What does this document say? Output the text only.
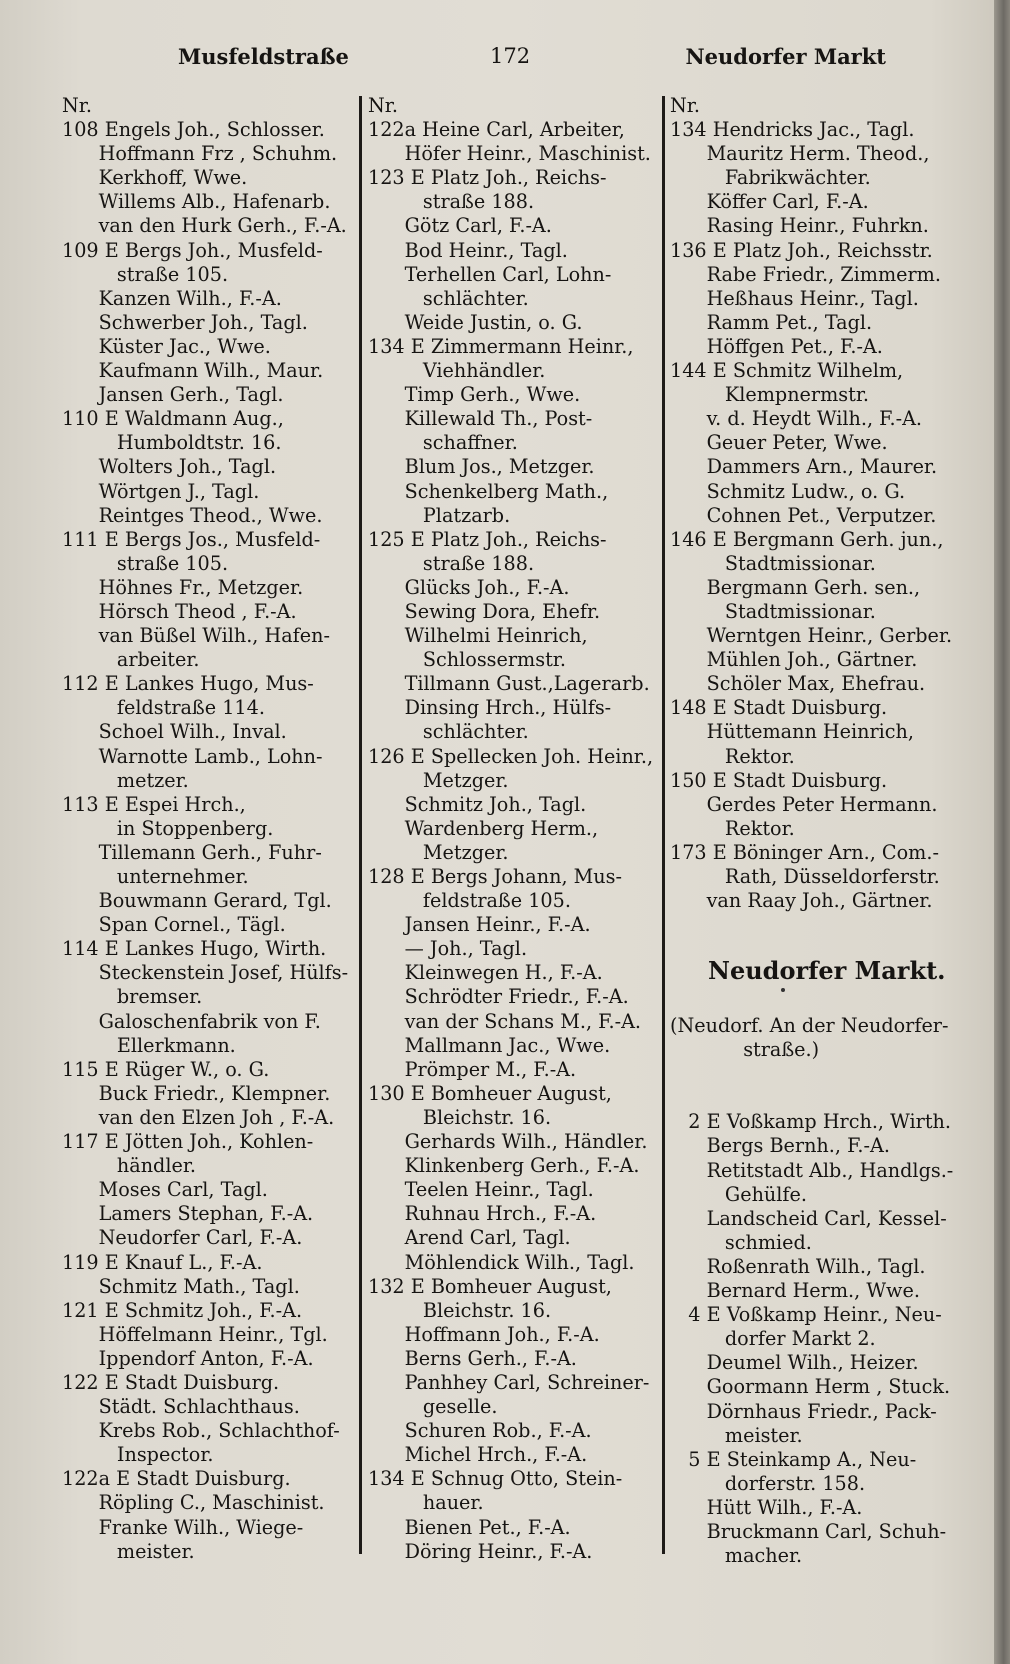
Musfeldstraße	172	Neudorfer Markt
Nr.
108 Engels Joh., Schlosser.
Hoffmann Frz , Schuhm.
Kerkhoff, Wwe.
Willems Alb., Hafenarb.
van den Hurk Gerh., F.-A.
109 E Bergs Joh., Musfeld-
straße 105.
Kanzen Wilh., F.-A.
Schwerber Joh., Tagl.
Küster Jac., Wwe.
Kaufmann Wilh., Maur.
Jansen Gerh., Tagl.
110 E Waldmann Aug.,
Humboldtstr. 16.
Wolters Joh., Tagl.
Wörtgen J., Tagl.
Reintges Theod., Wwe.
111 E Bergs Jos., Musfeld-
straße 105.
Höhnes Fr., Metzger.
Hörsch Theod , F.-A.
van Büßel Wilh., Hafen-
arbeiter.
112 E Lankes Hugo, Mus-
feldstraße 114.
Schoel Wilh., Inval.
Warnotte Lamb., Lohn-
metzer.
113 E Espei Hrch.,
in Stoppenberg.
Tillemann Gerh., Fuhr-
unternehmer.
Bouwmann Gerard, Tgl.
Span Cornel., Tägl.
114 E Lankes Hugo, Wirth.
Steckenstein Josef, Hülfs-
bremser.
Galoschenfabrik von F.
Ellerkmann.
115 E Rüger W., o. G.
Buck Friedr., Klempner.
van den Elzen Joh , F.-A.
117 E Jötten Joh., Kohlen-
händler.
Moses Carl, Tagl.
Lamers Stephan, F.-A.
Neudorfer Carl, F.-A.
119 E Knauf L., F.-A.
Schmitz Math., Tagl.
121 E Schmitz Joh., F.-A.
Höffelmann Heinr., Tgl.
Ippendorf Anton, F.-A.
122 E Stadt Duisburg.
Städt. Schlachthaus.
Krebs Rob., Schlachthof-
Inspector.
122a E Stadt Duisburg.
Röpling C., Maschinist.
Franke Wilh., Wiege-
meister.
Nr.
122a Heine Carl, Arbeiter,
Höfer Heinr., Maschinist.
123 E Platz Joh., Reichs-
straße 188.
Götz Carl, F.-A.
Bod Heinr., Tagl.
Terhellen Carl, Lohn-
schlächter.
Weide Justin, o. G.
134 E Zimmermann Heinr.,
Viehhändler.
Timp Gerh., Wwe.
Killewald Th., Post-
schaffner.
Blum Jos., Metzger.
Schenkelberg Math.,
Platzarb.
125 E Platz Joh., Reichs-
straße 188.
Glücks Joh., F.-A.
Sewing Dora, Ehefr.
Wilhelmi Heinrich,
Schlossermstr.
Tillmann Gust.,Lagerarb.
Dinsing Hrch., Hülfs-
schlächter.
126 E Spellecken Joh. Heinr.,
Metzger.
Schmitz Joh., Tagl.
Wardenberg Herm.,
Metzger.
128 E Bergs Johann, Mus-
feldstraße 105.
Jansen Heinr., F.-A.
— Joh., Tagl.
Kleinwegen H., F.-A.
Schrödter Friedr., F.-A.
van der Schans M., F.-A.
Mallmann Jac., Wwe.
Prömper M., F.-A.
130 E Bomheuer August,
Bleichstr. 16.
Gerhards Wilh., Händler.
Klinkenberg Gerh., F.-A.
Teelen Heinr., Tagl.
Ruhnau Hrch., F.-A.
Arend Carl, Tagl.
Möhlendick Wilh., Tagl.
132 E Bomheuer August,
Bleichstr. 16.
Hoffmann Joh., F.-A.
Berns Gerh., F.-A.
Panhhey Carl, Schreiner-
geselle.
Schuren Rob., F.-A.
Michel Hrch., F.-A.
134 E Schnug Otto, Stein-
hauer.
Bienen Pet., F.-A.
Döring Heinr., F.-A.
Nr.
134 Hendricks Jac., Tagl.
Mauritz Herm. Theod.,
Fabrikwächter.
Köffer Carl, F.-A.
Rasing Heinr., Fuhrkn.
136 E Platz Joh., Reichsstr.
Rabe Friedr., Zimmerm.
Heßhaus Heinr., Tagl.
Ramm Pet., Tagl.
Höffgen Pet., F.-A.
144 E Schmitz Wilhelm,
Klempnermstr.
v. d. Heydt Wilh., F.-A.
Geuer Peter, Wwe.
Dammers Arn., Maurer.
Schmitz Ludw., o. G.
Cohnen Pet., Verputzer.
146 E Bergmann Gerh. jun.,
Stadtmissionar.
Bergmann Gerh. sen.,
Stadtmissionar.
Werntgen Heinr., Gerber.
Mühlen Joh., Gärtner.
Schöler Max, Ehefrau.
148 E Stadt Duisburg.
Hüttemann Heinrich,
Rektor.
150 E Stadt Duisburg.
Gerdes Peter Hermann.
Rektor.
173 E Böninger Arn., Com.-
Rath, Düsseldorferstr.
van Raay Joh., Gärtner.
Neudorfer Markt.
(Neudorf. An der Neudorfer-
straße.)
2 E Voßkamp Hrch., Wirth.
Bergs Bernh., F.-A.
Retitstadt Alb., Handlgs.-
Gehülfe.
Landscheid Carl, Kessel-
schmied.
Roßenrath Wilh., Tagl.
Bernard Herm., Wwe.
4 E Voßkamp Heinr., Neu-
dorfer Markt 2.
Deumel Wilh., Heizer.
Goormann Herm , Stuck.
Dörnhaus Friedr., Pack-
meister.
5 E Steinkamp A., Neu-
dorferstr. 158.
Hütt Wilh., F.-A.
Bruckmann Carl, Schuh-
macher.
